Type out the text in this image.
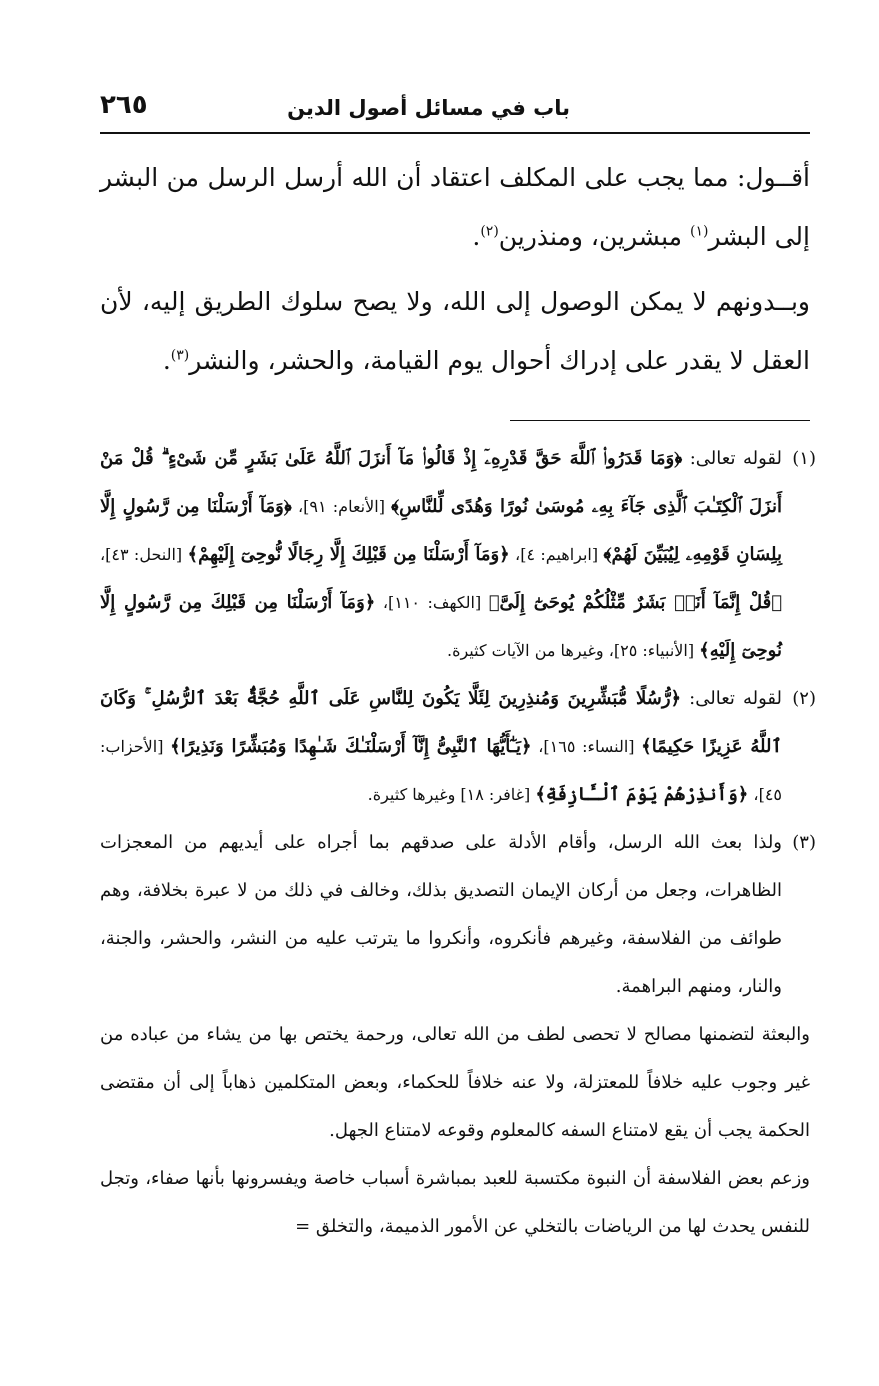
باب في مسائل أصول الدين
٢٦٥

أقــول: مما يجب على المكلف اعتقاد أن الله أرسل الرسل من البشر إلى البشر$^{(١)}$ مبشرين، ومنذرين$^{(٢)}$.

وبــدونهم لا يمكن الوصول إلى الله، ولا يصح سلوك الطريق إليه، لأن العقل لا يقدر على إدراك أحوال يوم القيامة، والحشر، والنشر$^{(٣)}$.

(١)
لقوله تعالى: ﴿وَمَا قَدَرُوا۟ ٱللَّهَ حَقَّ قَدْرِهِۦٓ إِذْ قَالُوا۟ مَآ أَنزَلَ ٱللَّهُ عَلَىٰ بَشَرٍ مِّن شَىْءٍ ۗ قُلْ مَنْ أَنزَلَ ٱلْكِتَـٰبَ ٱلَّذِى جَآءَ بِهِۦ مُوسَىٰ نُورًا وَهُدًى لِّلنَّاسِ﴾ [الأنعام: ٩١]، ﴿وَمَآ أَرْسَلْنَا مِن رَّسُولٍ إِلَّا بِلِسَانِ قَوْمِهِۦ لِيُبَيِّنَ لَهُمْ﴾ [ابراهيم: ٤]، ﴿وَمَآ أَرْسَلْنَا مِن قَبْلِكَ إِلَّا رِجَالًا نُّوحِىٓ إِلَيْهِمْ﴾ [النحل: ٤٣]، ﴿قُلْ إِنَّمَآ أَنَا۠ بَشَرٌ مِّثْلُكُمْ يُوحَىٰٓ إِلَىَّ﴾ [الكهف: ١١٠]، ﴿وَمَآ أَرْسَلْنَا مِن قَبْلِكَ مِن رَّسُولٍ إِلَّا نُوحِىٓ إِلَيْهِ﴾ [الأنبياء: ٢٥]، وغيرها من الآيات كثيرة.

(٢)
لقوله تعالى: ﴿رُّسُلًا مُّبَشِّرِينَ وَمُنذِرِينَ لِئَلَّا يَكُونَ لِلنَّاسِ عَلَى ٱللَّهِ حُجَّةٌۢ بَعْدَ ٱلرُّسُلِ ۚ وَكَانَ ٱللَّهُ عَزِيزًا حَكِيمًا﴾ [النساء: ١٦٥]، ﴿يَـٰٓأَيُّهَا ٱلنَّبِىُّ إِنَّآ أَرْسَلْنَـٰكَ شَـٰهِدًا وَمُبَشِّرًا وَنَذِيرًا﴾ [الأحزاب: ٤٥]، ﴿وَأَنذِرْهُمْ يَوْمَ ٱلْـَٔازِفَةِ﴾ [غافر: ١٨] وغيرها كثيرة.

(٣)
ولذا بعث الله الرسل، وأقام الأدلة على صدقهم بما أجراه على أيديهم من المعجزات الظاهرات، وجعل من أركان الإيمان التصديق بذلك، وخالف في ذلك من لا عبرة بخلافة، وهم طوائف من الفلاسفة، وغيرهم فأنكروه، وأنكروا ما يترتب عليه من النشر، والحشر، والجنة، والنار، ومنهم البراهمة.

والبعثة لتضمنها مصالح لا تحصى لطف من الله تعالى، ورحمة يختص بها من يشاء من عباده من غير وجوب عليه خلافاً للمعتزلة، ولا عنه خلافاً للحكماء، وبعض المتكلمين ذهاباً إلى أن مقتضى الحكمة يجب أن يقع لامتناع السفه كالمعلوم وقوعه لامتناع الجهل.

وزعم بعض الفلاسفة أن النبوة مكتسبة للعبد بمباشرة أسباب خاصة ويفسرونها بأنها صفاء، وتجل للنفس يحدث لها من الرياضات بالتخلي عن الأمور الذميمة، والتخلق =
